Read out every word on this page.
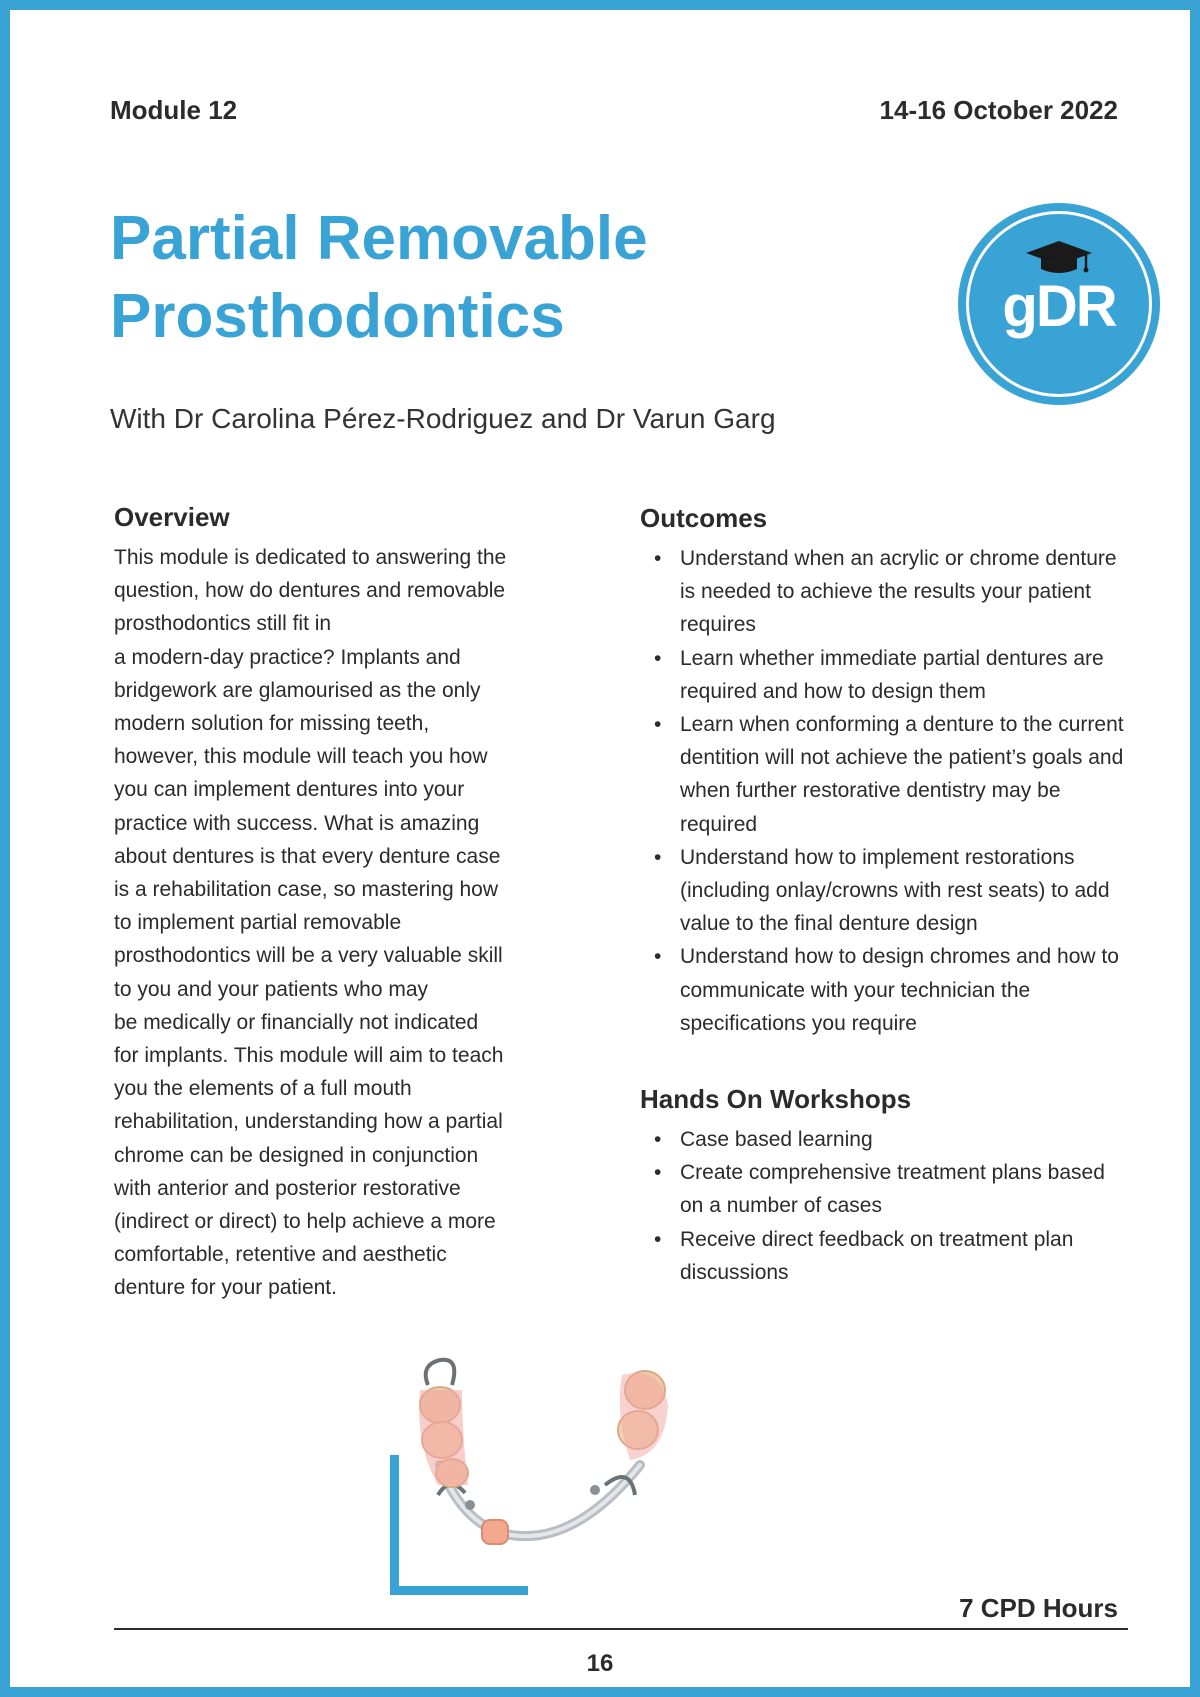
Module 12	14-16 October 2022
Partial Removable
Prosthodontics	gDR
With Dr Carolina Pérez-Rodriguez and Dr Varun Garg
Overview
This module is dedicated to answering the
question, how do dentures and removable
prosthodontics still fit in
a modern-day practice? Implants and
bridgework are glamourised as the only
modern solution for missing teeth,
however, this module will teach you how
you can implement dentures into your
practice with success. What is amazing
about dentures is that every denture case
is a rehabilitation case, so mastering how
to implement partial removable
prosthodontics will be a very valuable skill
to you and your patients who may
be medically or financially not indicated
for implants. This module will aim to teach
you the elements of a full mouth
rehabilitation, understanding how a partial
chrome can be designed in conjunction
with anterior and posterior restorative
(indirect or direct) to help achieve a more
comfortable, retentive and aesthetic
denture for your patient.
Outcomes
• Understand when an acrylic or chrome denture is needed to achieve the results your patient requires
• Learn whether immediate partial dentures are required and how to design them
• Learn when conforming a denture to the current dentition will not achieve the patient’s goals and when further restorative dentistry may be required
• Understand how to implement restorations (including onlay/crowns with rest seats) to add value to the final denture design
• Understand how to design chromes and how to communicate with your technician the specifications you require
Hands On Workshops
• Case based learning
• Create comprehensive treatment plans based on a number of cases
• Receive direct feedback on treatment plan discussions
7 CPD Hours
16
